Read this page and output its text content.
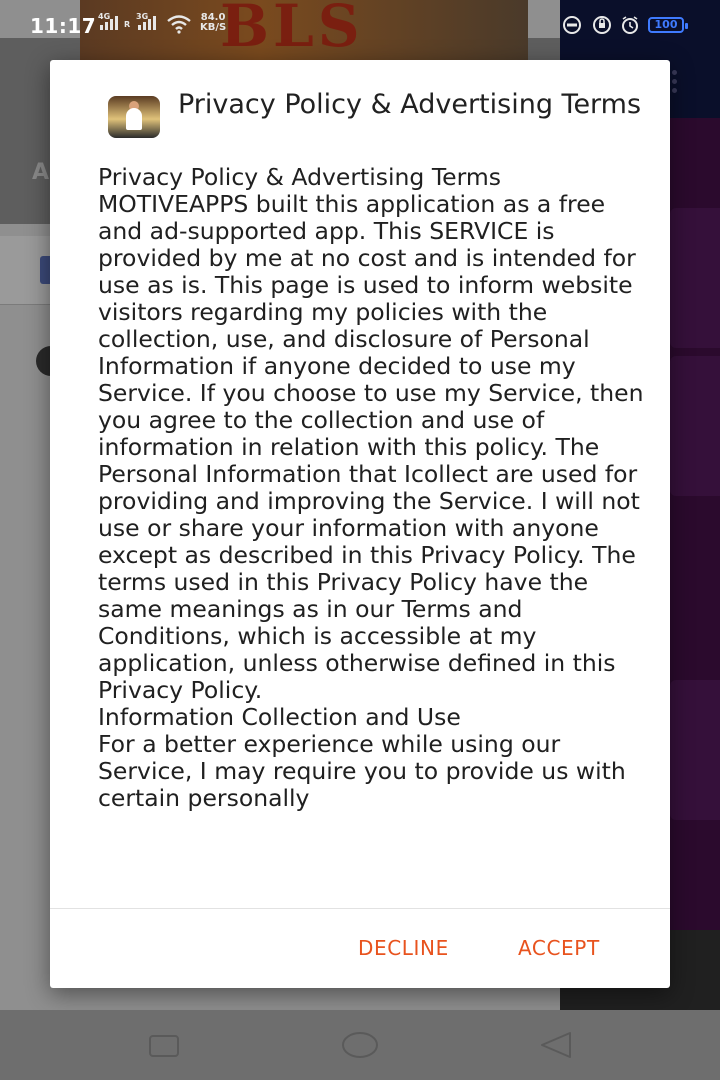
A
BLS
11:17 4G
R
3G	84.0
KB/S	100
Privacy Policy & Advertising Terms
Privacy Policy & Advertising Terms
MOTIVEAPPS built this application as a free and ad-supported app. This SERVICE is provided by me at no cost and is intended for use as is. This page is used to inform website visitors regarding my policies with the collection, use, and disclosure of Personal Information if anyone decided to use my Service. If you choose to use my Service, then you agree to the collection and use of information in relation with this policy. The Personal Information that Icollect are used for providing and improving the Service. I will not use or share your information with anyone except as described in this Privacy Policy. The terms used in this Privacy Policy have the same meanings as in our Terms and Conditions, which is accessible at my application, unless otherwise defined in this Privacy Policy.
Information Collection and Use
For a better experience while using our Service, I may require you to provide us with certain personally
DECLINE	ACCEPT
